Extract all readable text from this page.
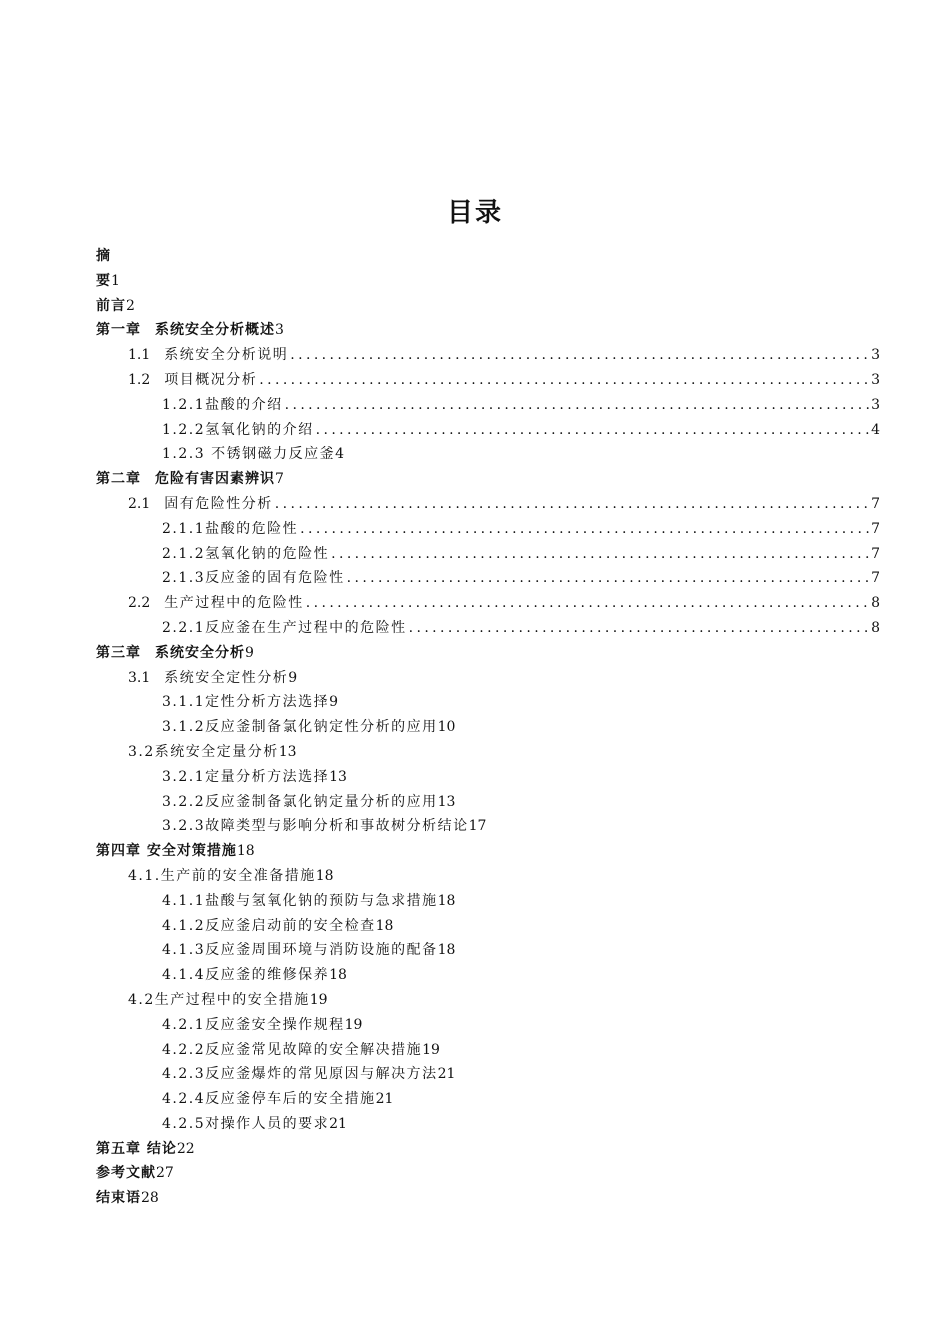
目录
摘
要 1
前言 2
第一章 系统安全分析概述 3
1.1 系统安全分析说明 .....	3
1.2 项目概况分析 .....	3
1.2.1盐酸的介绍 .....	3
1.2.2氢氧化钠的介绍 .....	4
1.2.3 不锈钢磁力反应釜 4
第二章 危险有害因素辨识 7
2.1 固有危险性分析 .....	7
2.1.1盐酸的危险性 .....	7
2.1.2氢氧化钠的危险性 .....	7
2.1.3反应釜的固有危险性 .....	7
2.2 生产过程中的危险性 .....	8
2.2.1反应釜在生产过程中的危险性 .....	8
第三章 系统安全分析 9
3.1 系统安全定性分析 9
3.1.1定性分析方法选择 9
3.1.2反应釜制备氯化钠定性分析的应用 10
3.2系统安全定量分析 13
3.2.1定量分析方法选择 13
3.2.2反应釜制备氯化钠定量分析的应用 13
3.2.3故障类型与影响分析和事故树分析结论 17
第四章 安全对策措施 18
4.1.生产前的安全准备措施 18
4.1.1盐酸与氢氧化钠的预防与急求措施 18
4.1.2反应釜启动前的安全检查 18
4.1.3反应釜周围环境与消防设施的配备 18
4.1.4反应釜的维修保养 18
4.2生产过程中的安全措施 19
4.2.1反应釜安全操作规程 19
4.2.2反应釜常见故障的安全解决措施 19
4.2.3反应釜爆炸的常见原因与解决方法 21
4.2.4反应釜停车后的安全措施 21
4.2.5对操作人员的要求 21
第五章 结论 22
参考文献 27
结束语 28
